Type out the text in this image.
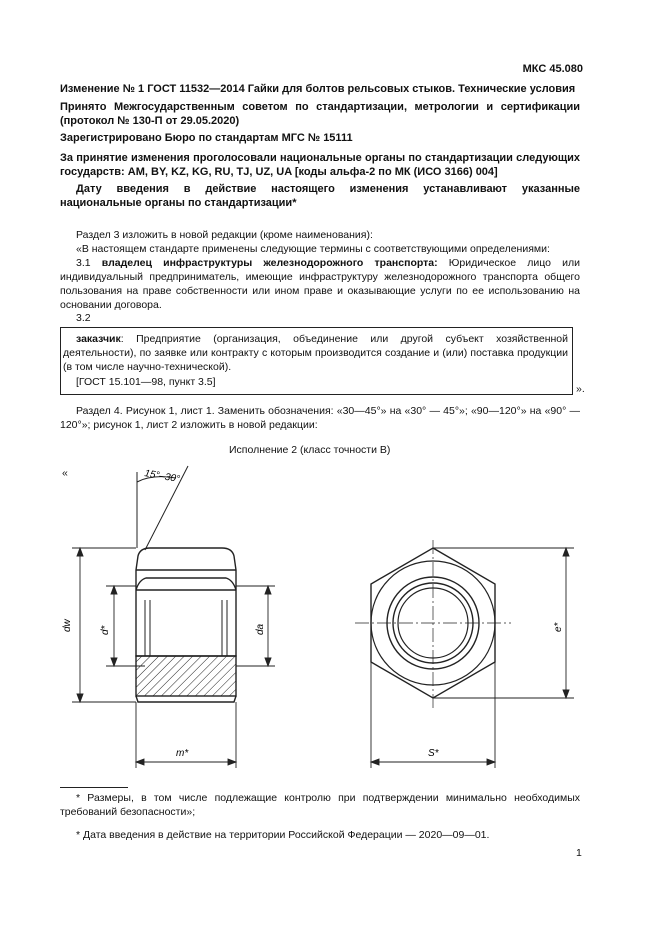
МКС 45.080
Изменение № 1 ГОСТ 11532—2014 Гайки для болтов рельсовых стыков. Технические условия
Принято Межгосударственным советом по стандартизации, метрологии и сертификации (протокол № 130-П от 29.05.2020)
Зарегистрировано Бюро по стандартам МГС № 15111
За принятие изменения проголосовали национальные органы по стандартизации следующих государств: AM, BY, KZ, KG, RU, TJ, UZ, UA [коды альфа-2 по МК (ИСО 3166) 004]
Дату введения в действие настоящего изменения устанавливают указанные национальные органы по стандартизации*
Раздел 3 изложить в новой редакции (кроме наименования):
«В настоящем стандарте применены следующие термины с соответствующими определениями:
3.1 владелец инфраструктуры железнодорожного транспорта: Юридическое лицо или индивидуальный предприниматель, имеющие инфраструктуру железнодорожного транспорта общего пользования на праве собственности или ином праве и оказывающие услуги по ее использованию на основании договора.
3.2
заказчик: Предприятие (организация, объединение или другой субъект хозяйственной деятельности), по заявке или контракту с которым производится создание и (или) поставка продукции (в том числе научно-технической).
[ГОСТ 15.101—98, пункт 3.5]
».
Раздел 4. Рисунок 1, лист 1. Заменить обозначения: «30—45°» на «30° — 45°»; «90—120°» на «90° — 120°»; рисунок 1, лист 2 изложить в новой редакции:
Исполнение 2 (класс точности В)
«	15°–30°
dw	d*	da
m*	S*
e*
* Размеры, в том числе подлежащие контролю при подтверждении минимально необходимых требований безопасности»;
* Дата введения в действие на территории Российской Федерации — 2020—09—01.
1
